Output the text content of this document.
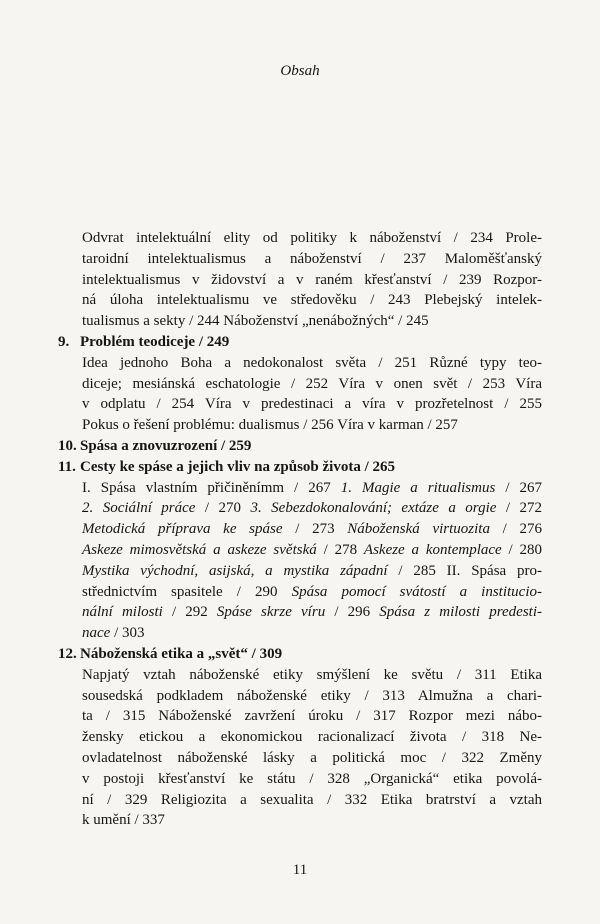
Obsah
Odvrat intelektuální elity od politiky k náboženství / 234 Prole-
taroidní intelektualismus a náboženství / 237 Maloměšťanský
intelektualismus v židovství a v raném křesťanství / 239 Rozpor-
ná úloha intelektualismu ve středověku / 243 Plebejský intelek-
tualismus a sekty / 244 Náboženství „nenábožných“ / 245
9. Problém teodiceje / 249
Idea jednoho Boha a nedokonalost světa / 251 Různé typy teo-
diceje; mesiánská eschatologie / 252 Víra v onen svět / 253 Víra
v odplatu / 254 Víra v predestinaci a víra v prozřetelnost / 255
Pokus o řešení problému: dualismus / 256 Víra v karman / 257
10. Spása a znovuzrození / 259
11. Cesty ke spáse a jejich vliv na způsob života / 265
I. Spása vlastním přičiněnímm / 267 1. Magie a ritualismus / 267
2. Sociální práce / 270 3. Sebezdokonalování; extáze a orgie / 272
Metodická příprava ke spáse / 273 Náboženská virtuozita / 276
Askeze mimosvětská a askeze světská / 278 Askeze a kontemplace / 280
Mystika východní, asijská, a mystika západní / 285 II. Spása pro-
střednictvím spasitele / 290 Spása pomocí svátostí a institucio-
nální milosti / 292 Spáse skrze víru / 296 Spása z milosti predesti-
nace / 303
12. Náboženská etika a „svět“ / 309
Napjatý vztah náboženské etiky smýšlení ke světu / 311 Etika
sousedská podkladem náboženské etiky / 313 Almužna a chari-
ta / 315 Náboženské zavržení úroku / 317 Rozpor mezi nábo-
žensky etickou a ekonomickou racionalizací života / 318 Ne-
ovladatelnost náboženské lásky a politická moc / 322 Změny
v postoji křesťanství ke státu / 328 „Organická“ etika povolá-
ní / 329 Religiozita a sexualita / 332 Etika bratrství a vztah
k umění / 337
11
